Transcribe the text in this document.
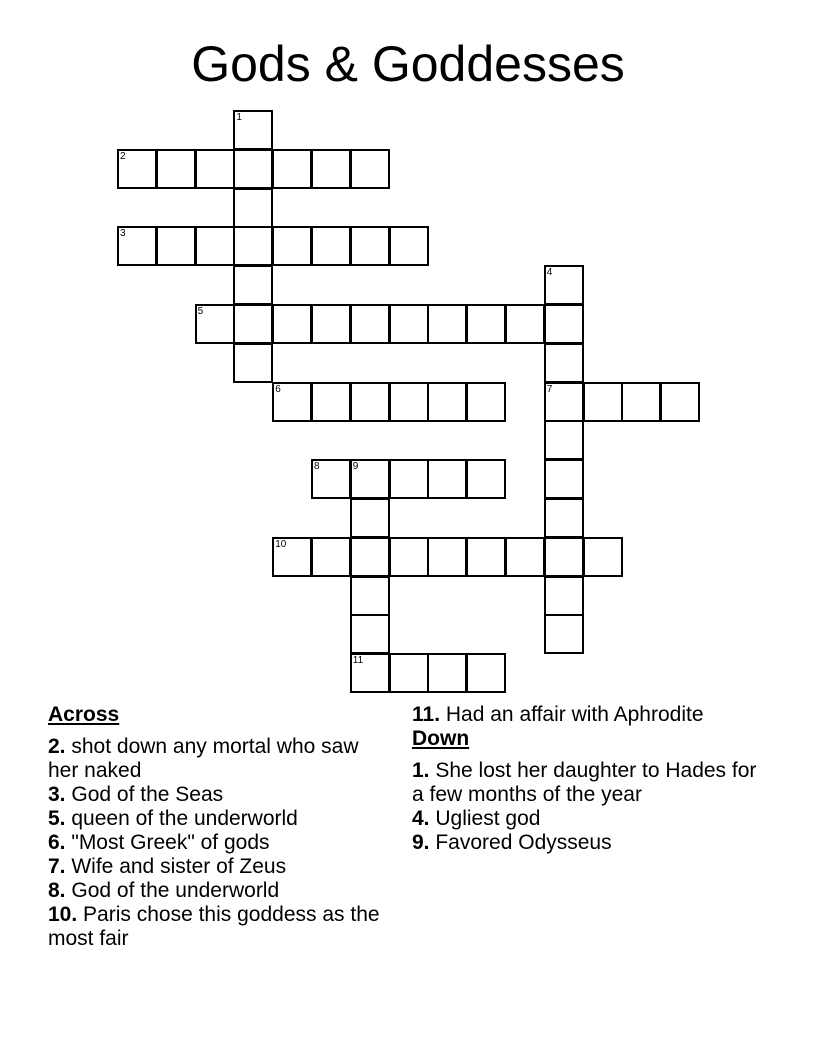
Gods & Goddesses
1
2
3
4
7
5
6
8	9
11
10
Across
2. shot down any mortal who saw her naked
3. God of the Seas
5. queen of the underworld
6. "Most Greek" of gods
7. Wife and sister of Zeus
8. God of the underworld
10. Paris chose this goddess as the most fair
11. Had an affair with Aphrodite
Down
1. She lost her daughter to Hades for a few months of the year
4. Ugliest god
9. Favored Odysseus
